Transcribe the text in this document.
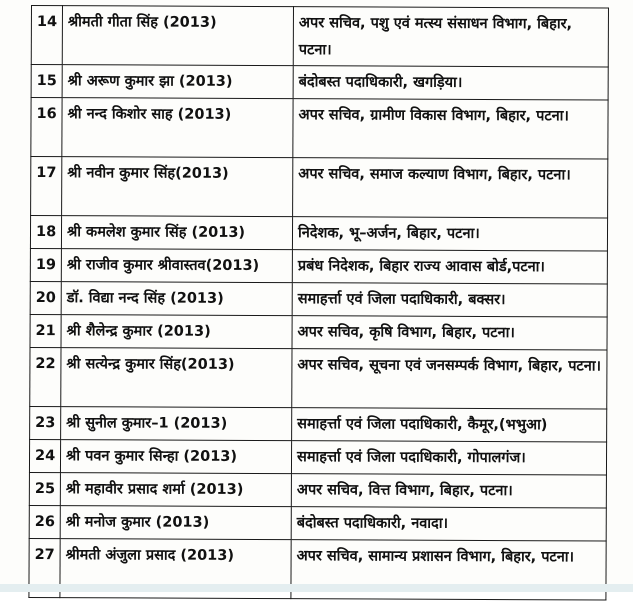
14	श्रीमती गीता सिंह (2013)	अपर सचिव, पशु एवं मत्स्य संसाधन विभाग, बिहार, पटना।
15	श्री अरूण कुमार झा (2013)	बंदोबस्त पदाधिकारी, खगड़िया।
16	श्री नन्द किशोर साह (2013)	अपर सचिव, ग्रामीण विकास विभाग, बिहार, पटना।
17	श्री नवीन कुमार सिंह(2013)	अपर सचिव, समाज कल्याण विभाग, बिहार, पटना।
18	श्री कमलेश कुमार सिंह (2013)	निदेशक, भू–अर्जन, बिहार, पटना।
19	श्री राजीव कुमार श्रीवास्तव(2013)	प्रबंध निदेशक, बिहार राज्य आवास बोर्ड,पटना।
20	डॉ. विद्या नन्द सिंह (2013)	समाहर्त्ता एवं जिला पदाधिकारी, बक्सर।
21	श्री शैलेन्द्र कुमार (2013)	अपर सचिव, कृषि विभाग, बिहार, पटना।
22	श्री सत्येन्द्र कुमार सिंह(2013)	अपर सचिव, सूचना एवं जनसम्पर्क विभाग, बिहार, पटना।
23	श्री सुनील कुमार–1 (2013)	समाहर्त्ता एवं जिला पदाधिकारी, कैमूर,(भभुआ)
24	श्री पवन कुमार सिन्हा (2013)	समाहर्त्ता एवं जिला पदाधिकारी, गोपालगंज।
25	श्री महावीर प्रसाद शर्मा (2013)	अपर सचिव, वित्त विभाग, बिहार, पटना।
26	श्री मनोज कुमार (2013)	बंदोबस्त पदाधिकारी, नवादा।
27	श्रीमती अंजुला प्रसाद (2013)	अपर सचिव, सामान्य प्रशासन विभाग, बिहार, पटना।
